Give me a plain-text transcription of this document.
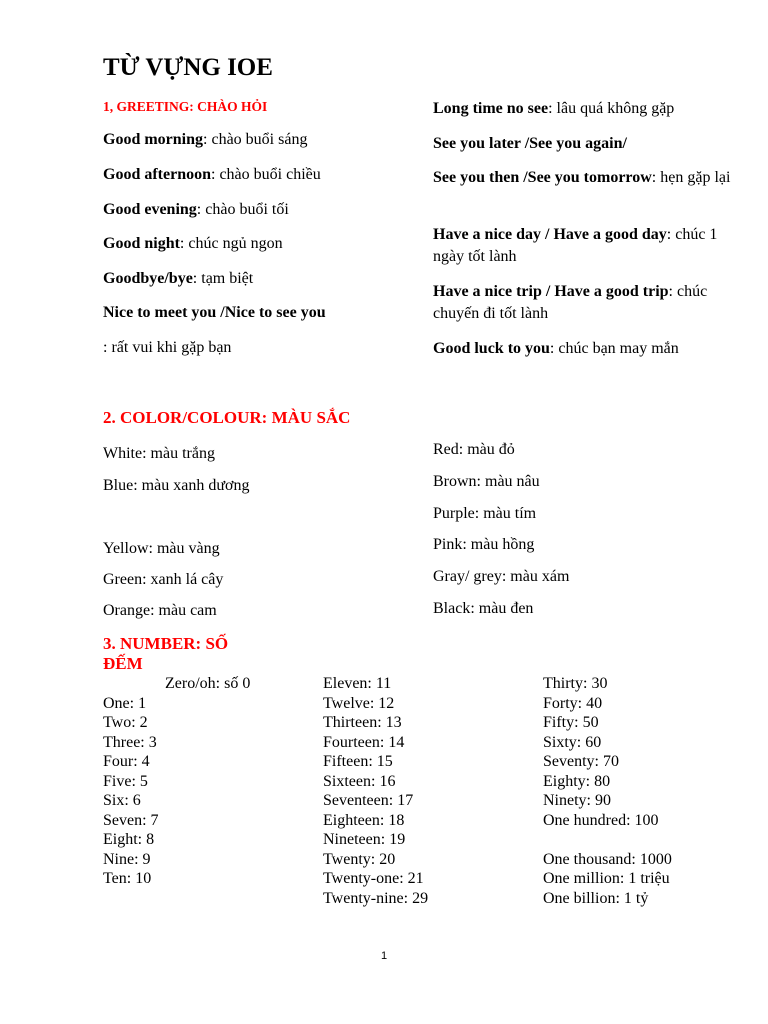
TỪ VỰNG IOE
1, GREETING: CHÀO HỎI
Good morning: chào buổi sáng
Good afternoon: chào buổi chiều
Good evening: chào buổi tối
Good night: chúc ngủ ngon
Goodbye/bye: tạm biệt
Nice to meet you /Nice to see you
: rất vui khi gặp bạn
Long time no see: lâu quá không gặp
See you later /See you again/
See you then /See you tomorrow: hẹn gặp lại
Have a nice day / Have a good day: chúc 1 ngày tốt lành
Have a nice trip / Have a good trip: chúc chuyến đi tốt lành
Good luck to you: chúc bạn may mắn
2. COLOR/COLOUR: MÀU SẮC
White: màu trắng
Blue: màu xanh dương
Yellow: màu vàng
Green: xanh lá cây
Orange: màu cam
Red: màu đỏ
Brown: màu nâu
Purple: màu tím
Pink: màu hồng
Gray/ grey: màu xám
Black: màu đen
3. NUMBER: SỐ ĐẾM
Zero/oh: số 0
One: 1
Two: 2
Three: 3
Four: 4
Five: 5
Six: 6
Seven: 7
Eight: 8
Nine: 9
Ten: 10
Eleven: 11
Twelve: 12
Thirteen: 13
Fourteen: 14
Fifteen: 15
Sixteen: 16
Seventeen: 17
Eighteen: 18
Nineteen: 19
Twenty: 20
Twenty-one: 21
Twenty-nine: 29
Thirty: 30
Forty: 40
Fifty: 50
Sixty: 60
Seventy: 70
Eighty: 80
Ninety: 90
One hundred: 100
One thousand: 1000
One million: 1 triệu
One billion: 1 tỷ
1
